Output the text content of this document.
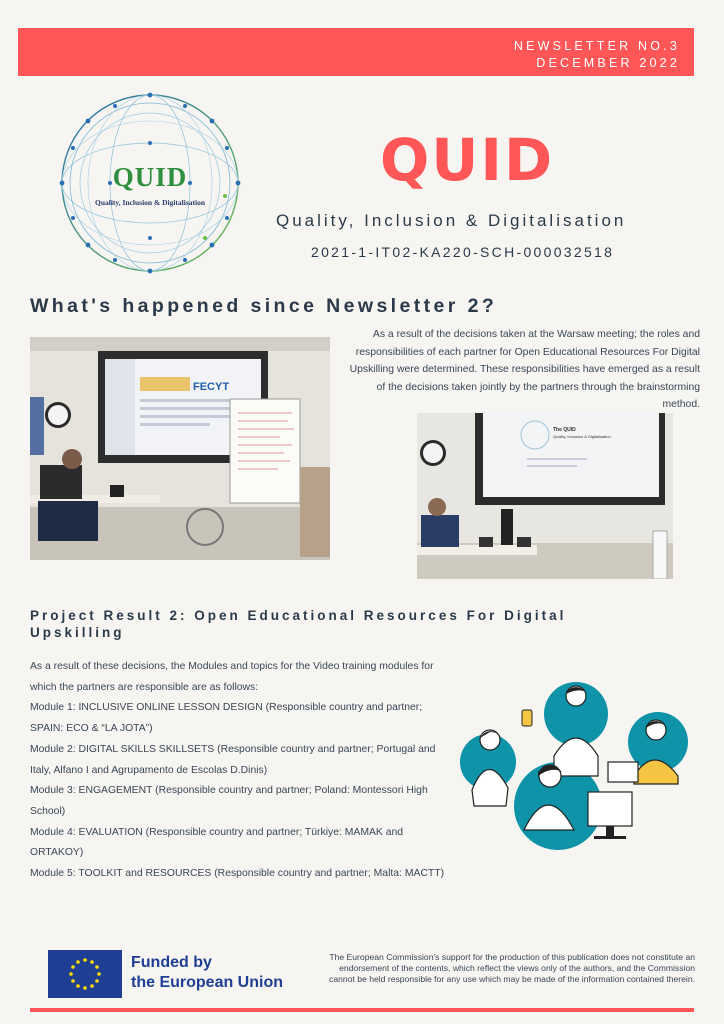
NEWSLETTER NO.3
DECEMBER 2022
QUID
Quality, Inclusion & Digitalisation
QUID
Quality, Inclusion & Digitalisation
2021-1-IT02-KA220-SCH-000032518
What's happened since Newsletter 2?
FECYT
As a result of the decisions taken at the Warsaw meeting; the roles and responsibilities of each partner for Open Educational Resources For Digital Upskilling were determined. These responsibilities have emerged as a result of the decisions taken jointly by the partners through the brainstorming method.
The QUID
Quality, Inclusion & Digitalisation
Project Result 2: Open Educational Resources For Digital Upskilling

As a result of these decisions, the Modules and topics for the Video training modules for which the partners are responsible are as follows:

Module 1: INCLUSIVE ONLINE LESSON DESIGN (Responsible country and partner; SPAIN: ECO & “LA JOTA”)

Module 2: DIGITAL SKILLS SKILLSETS (Responsible country and partner; Portugal and Italy, Alfano I and Agrupamento de Escolas D.Dinis)

Module 3: ENGAGEMENT (Responsible country and partner; Poland: Montessori High School)

Module 4: EVALUATION (Responsible country and partner; Türkiye: MAMAK and ORTAKOY)

Module 5: TOOLKIT and RESOURCES (Responsible country and partner; Malta: MACTT)

Funded by
the European Union
The European Commission's support for the production of this publication does not constitute an endorsement of the contents, which reflect the views only of the authors, and the Commission cannot be held responsible for any use which may be made of the information contained therein.
